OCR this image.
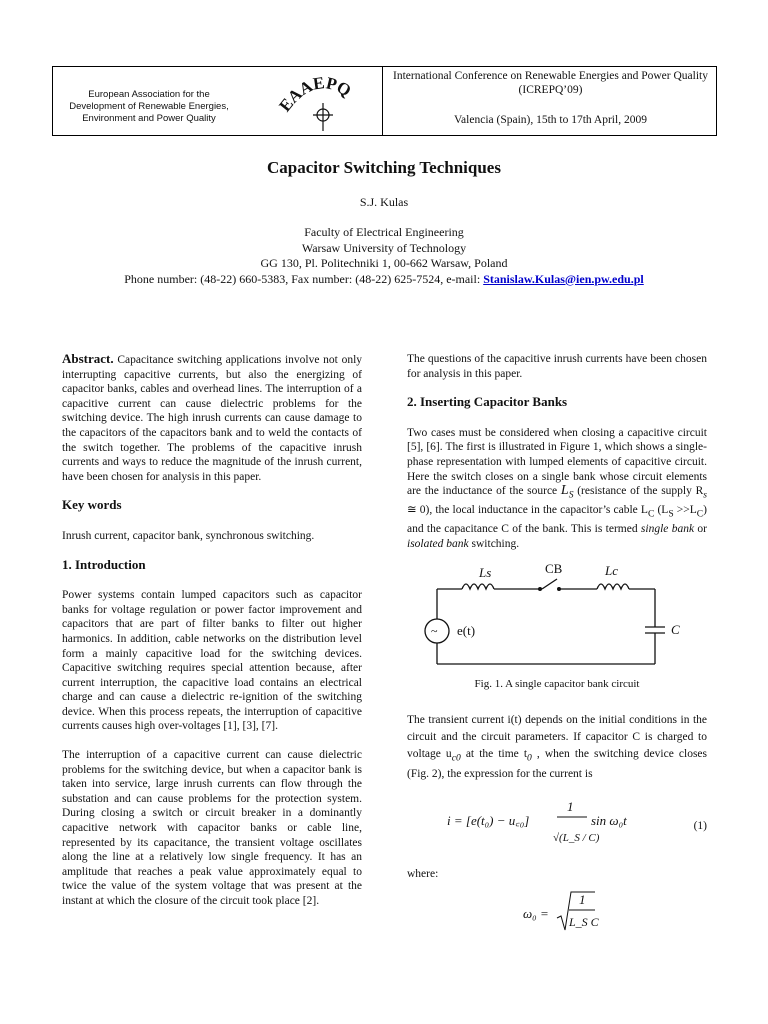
European Association for the
Development of Renewable Energies,
Environment and Power Quality
EAAEPQ
International Conference on Renewable Energies and Power Quality (ICREPQ’09)
Valencia (Spain), 15th to 17th April, 2009
Capacitor Switching Techniques
S.J. Kulas
Faculty of Electrical Engineering
Warsaw University of Technology
GG 130, Pl. Politechniki 1, 00-662 Warsaw, Poland
Phone number: (48-22) 660-5383, Fax number: (48-22) 625-7524, e-mail: Stanislaw.Kulas@ien.pw.edu.pl

Abstract. Capacitance switching applications involve not only interrupting capacitive currents, but also the energizing of capacitor banks, cables and overhead lines. The interruption of a capacitive current can cause dielectric problems for the switching device. The high inrush currents can cause damage to the capacitors of the capacitors bank and to weld the contacts of the switch together. The problems of the capacitive inrush currents and ways to reduce the magnitude of the inrush current, have been chosen for analysis in this paper.

Key words

Inrush current, capacitor bank, synchronous switching.

1. Introduction

Power systems contain lumped capacitors such as capacitor banks for voltage regulation or power factor improvement and capacitors that are part of filter banks to filter out higher harmonics. In addition, cable networks on the distribution level form a mainly capacitive load for the switching devices. Capacitive switching requires special attention because, after current interruption, the capacitive load contains an electrical charge and can cause a dielectric re-ignition of the switching device. When this process repeats, the interruption of capacitive currents causes high over-voltages [1], [3], [7].

The interruption of a capacitive current can cause dielectric problems for the switching device, but when a capacitor bank is taken into service, large inrush currents can flow through the substation and can cause problems for the protection system. During closing a switch or circuit breaker in a dominantly capacitive network with capacitor banks or cable line, represented by its capacitance, the transient voltage oscillates along the line at a relatively low single frequency. It has an amplitude that reaches a peak value approximately equal to twice the value of the system voltage that was present at the instant at which the closure of the circuit took place [2].

The questions of the capacitive inrush currents have been chosen for analysis in this paper.

2. Inserting Capacitor Banks

Two cases must be considered when closing a capacitive circuit [5], [6]. The first is illustrated in Figure 1, which shows a single-phase representation with lumped elements of capacitive circuit. Here the switch closes on a single bank whose circuit elements are the inductance of the source $L_S$ (resistance of the supply $R_s$ ≅ 0), the local inductance in the capacitor’s cable $L_C$ $(L_S >>L_C)$ and the capacitance C of the bank. This is termed single bank or isolated bank switching.

Ls	CB	Lc
C
~ e(t)
Fig. 1. A single capacitor bank circuit

The transient current i(t) depends on the initial conditions in the circuit and the circuit parameters. If capacitor C is charged to voltage $u_{c0}$ at the time $t_0$ , when the switching device closes (Fig. 2), the expression for the current is

i = [e(t₀) − u꜀₀]
1
√(L_S / C)
sin ω₀t	(1)

where:

ω₀ =
1
L_S C
